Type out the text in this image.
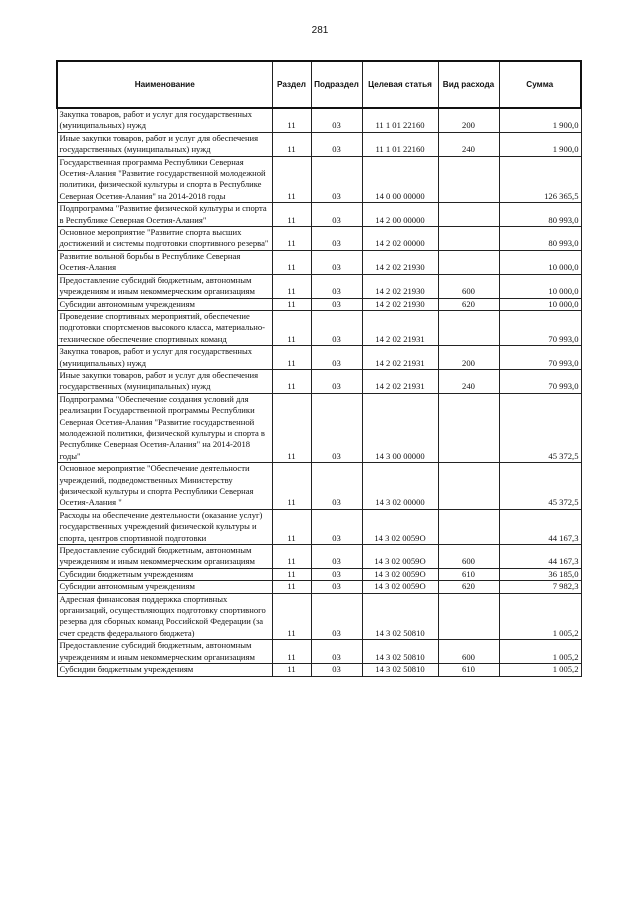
281
Наименование	Раздел	Подраздел	Целевая статья	Вид расхода	Сумма
Закупка товаров, работ и услуг для государственных (муниципальных) нужд	11	03	11 1 01 22160	200	1 900,0
Иные закупки товаров, работ и услуг для обеспечения государственных (муниципальных) нужд	11	03	11 1 01 22160	240	1 900,0
Государственная программа Республики Северная Осетия-Алания "Развитие государственной молодежной политики, физической культуры и спорта в Республике Северная Осетия-Алания" на 2014-2018 годы	11	03	14 0 00 00000		126 365,5
Подпрограмма "Развитие физической культуры и спорта в Республике Северная Осетия-Алания"	11	03	14 2 00 00000		80 993,0
Основное мероприятие "Развитие спорта высших достижений и системы подготовки спортивного резерва"	11	03	14 2 02 00000		80 993,0
Развитие вольной борьбы в Республике Северная Осетия-Алания	11	03	14 2 02 21930		10 000,0
Предоставление субсидий бюджетным, автономным учреждениям и иным некоммерческим организациям	11	03	14 2 02 21930	600	10 000,0
Субсидии автономным учреждениям	11	03	14 2 02 21930	620	10 000,0
Проведение спортивных мероприятий, обеспечение подготовки спортсменов высокого класса, материально-техническое обеспечение спортивных команд	11	03	14 2 02 21931		70 993,0
Закупка товаров, работ и услуг для государственных (муниципальных) нужд	11	03	14 2 02 21931	200	70 993,0
Иные закупки товаров, работ и услуг для обеспечения государственных (муниципальных) нужд	11	03	14 2 02 21931	240	70 993,0
Подпрограмма "Обеспечение создания условий для реализации Государственной программы Республики Северная Осетия-Алания "Развитие государственной молодежной политики, физической культуры и спорта в Республике Северная Осетия-Алания" на 2014-2018 годы"	11	03	14 3 00 00000		45 372,5
Основное мероприятие "Обеспечение деятельности учреждений, подведомственных Министерству физической культуры и спорта Республики Северная Осетия-Алания "	11	03	14 3 02 00000		45 372,5
Расходы на обеспечение деятельности (оказание услуг) государственных учреждений физической культуры и спорта, центров спортивной подготовки	11	03	14 3 02 0059О		44 167,3
Предоставление субсидий бюджетным, автономным учреждениям и иным некоммерческим организациям	11	03	14 3 02 0059О	600	44 167,3
Субсидии бюджетным учреждениям	11	03	14 3 02 0059О	610	36 185,0
Субсидии автономным учреждениям	11	03	14 3 02 0059О	620	7 982,3
Адресная финансовая поддержка спортивных организаций, осуществляющих подготовку спортивного резерва для сборных команд Российской Федерации (за счет средств федерального бюджета)	11	03	14 3 02 50810		1 005,2
Предоставление субсидий бюджетным, автономным учреждениям и иным некоммерческим организациям	11	03	14 3 02 50810	600	1 005,2
Субсидии бюджетным учреждениям	11	03	14 3 02 50810	610	1 005,2
